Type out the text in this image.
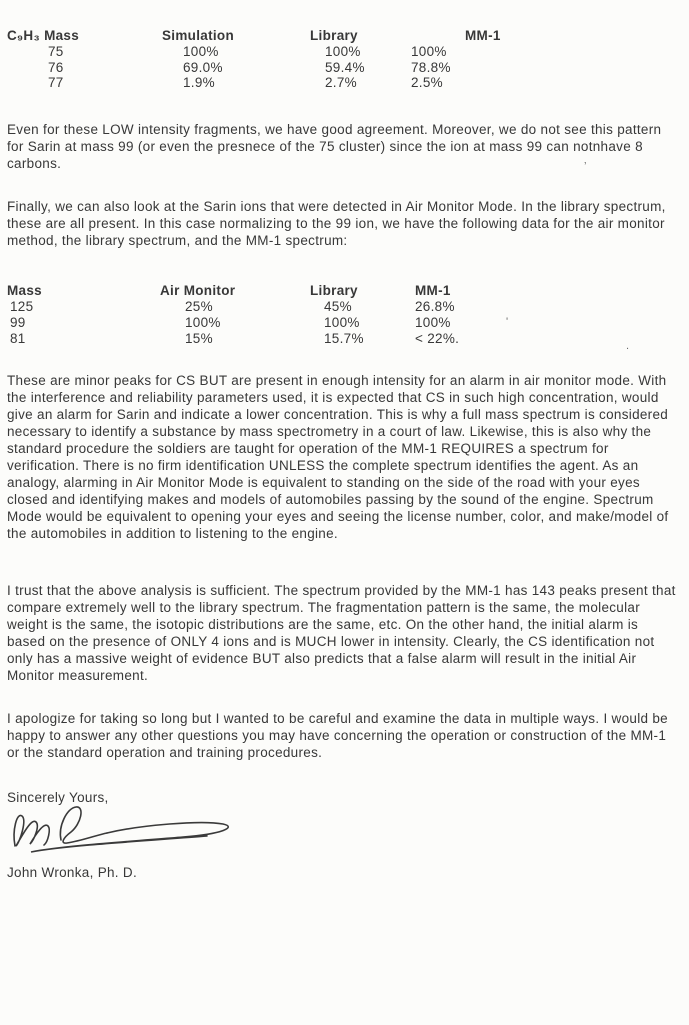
C₉H₃ Mass	Simulation	Library	MM-1
75	100%	100%	100%
76	69.0%	59.4%	78.8%
77	1.9%	2.7%	2.5%

Even for these LOW intensity fragments, we have good agreement. Moreover, we do not see this pattern for Sarin at mass 99 (or even the presnece of the 75 cluster) since the ion at mass 99 can notnhave 8 carbons.

Finally, we can also look at the Sarin ions that were detected in Air Monitor Mode. In the library spectrum, these are all present. In this case normalizing to the 99 ion, we have the following data for the air monitor method, the library spectrum, and the MM-1 spectrum:

Mass	Air Monitor	Library	MM-1
125	25%	45%	26.8%
99	100%	100%	100%
81	15%	15.7%	< 22%.

These are minor peaks for CS BUT are present in enough intensity for an alarm in air monitor mode. With the interference and reliability parameters used, it is expected that CS in such high concentration, would give an alarm for Sarin and indicate a lower concentration. This is why a full mass spectrum is considered necessary to identify a substance by mass spectrometry in a court of law. Likewise, this is also why the standard procedure the soldiers are taught for operation of the MM-1 REQUIRES a spectrum for verification. There is no firm identification UNLESS the complete spectrum identifies the agent. As an analogy, alarming in Air Monitor Mode is equivalent to standing on the side of the road with your eyes closed and identifying makes and models of automobiles passing by the sound of the engine. Spectrum Mode would be equivalent to opening your eyes and seeing the license number, color, and make/model of the automobiles in addition to listening to the engine.

I trust that the above analysis is sufficient. The spectrum provided by the MM-1 has 143 peaks present that compare extremely well to the library spectrum. The fragmentation pattern is the same, the molecular weight is the same, the isotopic distributions are the same, etc. On the other hand, the initial alarm is based on the presence of ONLY 4 ions and is MUCH lower in intensity. Clearly, the CS identification not only has a massive weight of evidence BUT also predicts that a false alarm will result in the initial Air Monitor measurement.

I apologize for taking so long but I wanted to be careful and examine the data in multiple ways. I would be happy to answer any other questions you may have concerning the operation or construction of the MM-1 or the standard operation and training procedures.

Sincerely Yours,

John Wronka, Ph. D.

‚
'
.
